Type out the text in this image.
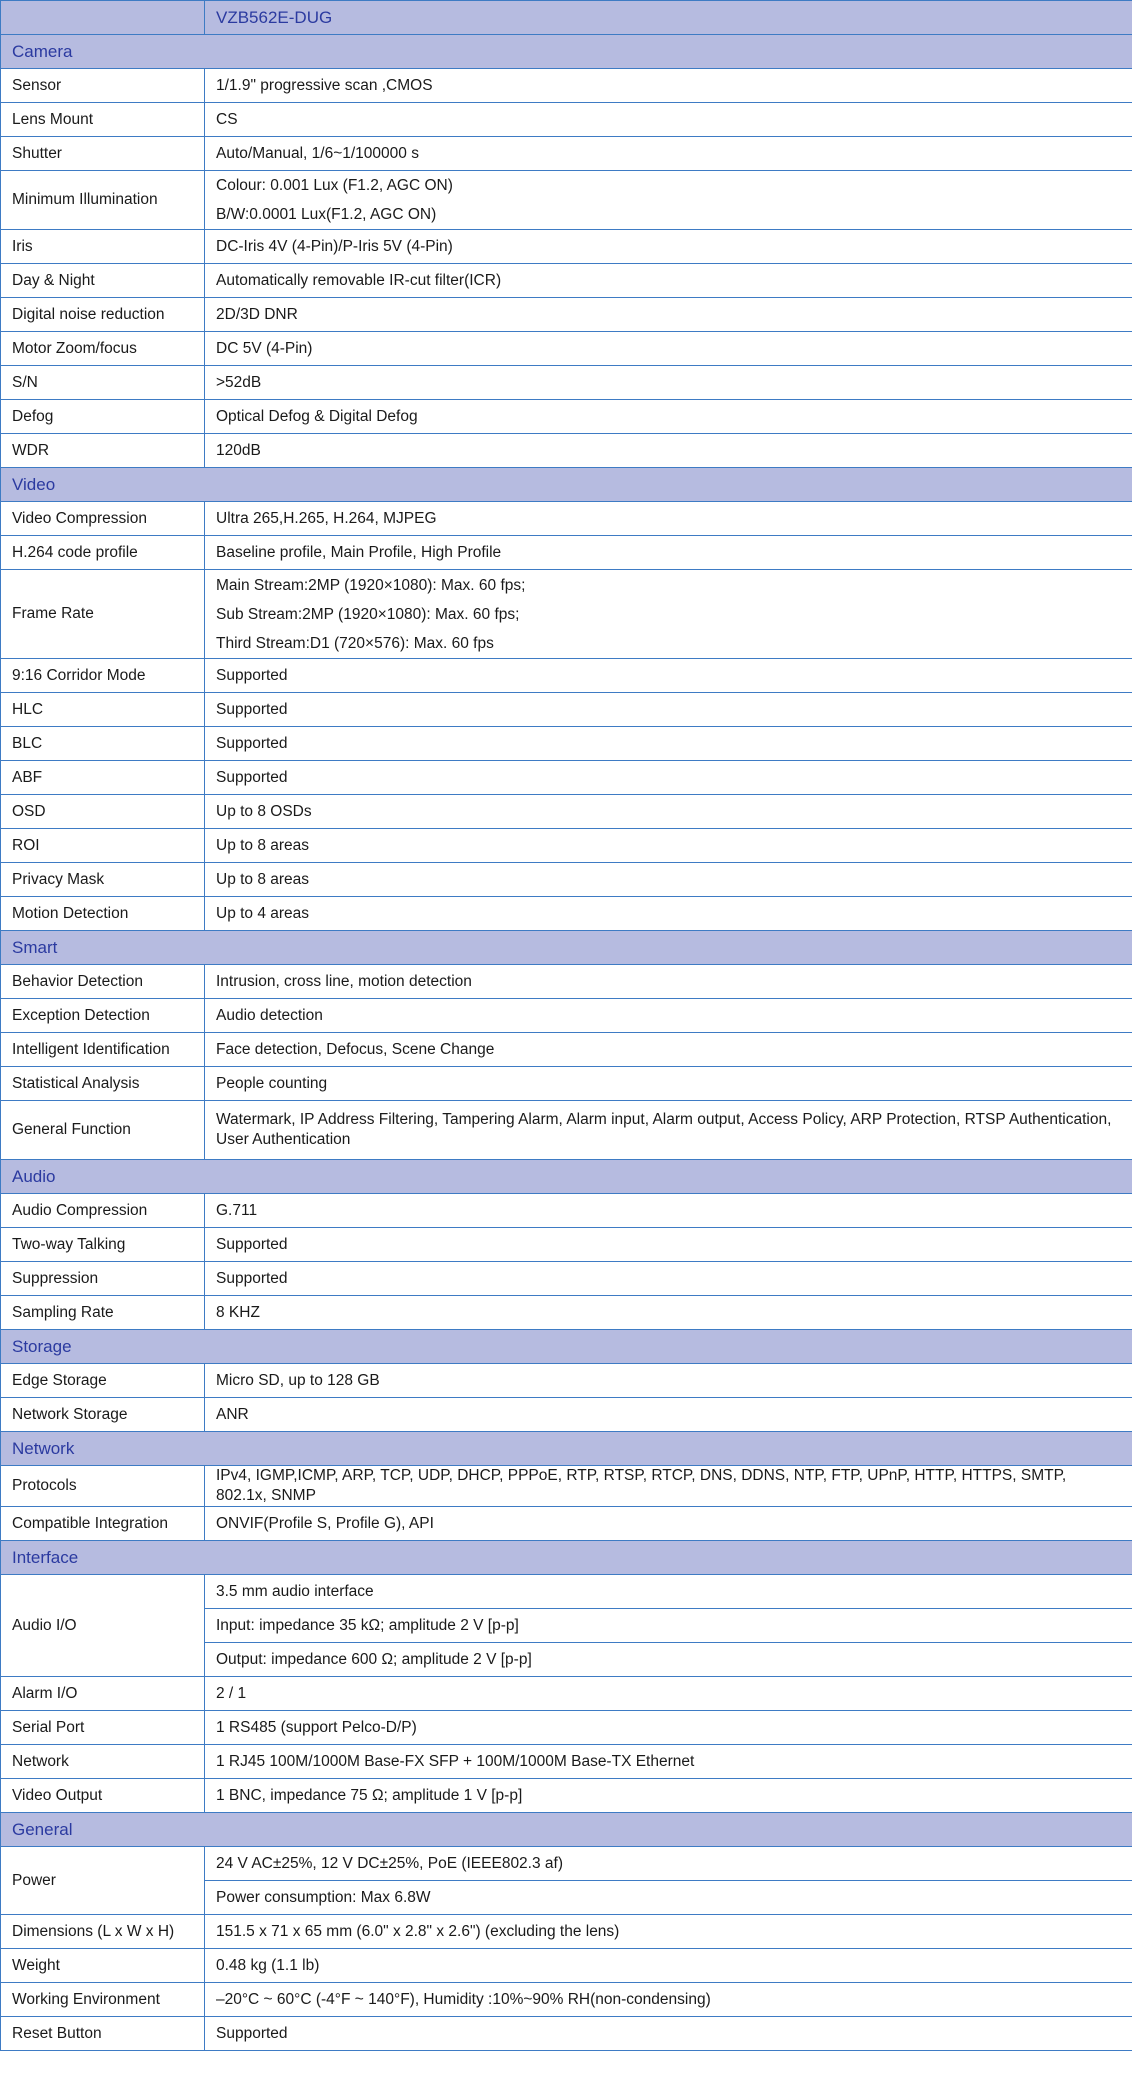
	VZB562E-DUG
Camera	
Sensor	1/1.9" progressive scan ,CMOS
Lens Mount	CS
Shutter	Auto/Manual, 1/6~1/100000 s
Minimum Illumination	Colour: 0.001 Lux (F1.2, AGC ON)
B/W:0.0001 Lux(F1.2, AGC ON)

Iris	DC-Iris 4V (4-Pin)/P-Iris 5V (4-Pin)
Day & Night	Automatically removable IR-cut filter(ICR)
Digital noise reduction	2D/3D DNR
Motor Zoom/focus	DC 5V (4-Pin)
S/N	>52dB
Defog	Optical Defog & Digital Defog
WDR	120dB
Video	
Video Compression	Ultra 265,H.265, H.264, MJPEG
H.264 code profile	Baseline profile, Main Profile, High Profile
Frame Rate	Main Stream:2MP (1920×1080): Max. 60 fps;
Sub Stream:2MP (1920×1080): Max. 60 fps;
Third Stream:D1 (720×576): Max. 60 fps

9:16 Corridor Mode	Supported
HLC	Supported
BLC	Supported
ABF	Supported
OSD	Up to 8 OSDs
ROI	Up to 8 areas
Privacy Mask	Up to 8 areas
Motion Detection	Up to 4 areas
Smart	
Behavior Detection	Intrusion, cross line, motion detection
Exception Detection	Audio detection
Intelligent Identification	Face detection, Defocus, Scene Change
Statistical Analysis	People counting
General Function	Watermark, IP Address Filtering, Tampering Alarm, Alarm input, Alarm output, Access Policy, ARP Protection, RTSP Authentication, User Authentication
Audio	
Audio Compression	G.711
Two-way Talking	Supported
Suppression	Supported
Sampling Rate	8 KHZ
Storage	
Edge Storage	Micro SD, up to 128 GB
Network Storage	ANR
Network	
Protocols	IPv4, IGMP,ICMP, ARP, TCP, UDP, DHCP, PPPoE, RTP, RTSP, RTCP, DNS, DDNS, NTP, FTP, UPnP, HTTP, HTTPS, SMTP, 802.1x, SNMP
Compatible Integration	ONVIF(Profile S, Profile G), API
Interface	
Audio I/O	3.5 mm audio interface
	Input: impedance 35 kΩ; amplitude 2 V [p-p]
	Output: impedance 600 Ω; amplitude 2 V [p-p]
Alarm I/O	2 / 1
Serial Port	1 RS485 (support Pelco-D/P)
Network	1 RJ45 100M/1000M Base-FX SFP + 100M/1000M Base-TX Ethernet
Video Output	1 BNC, impedance 75 Ω; amplitude 1 V [p-p]
General	
Power	24 V AC±25%, 12 V DC±25%, PoE (IEEE802.3 af)
	Power consumption: Max 6.8W
Dimensions (L x W x H)	151.5 x 71 x 65 mm (6.0" x 2.8" x 2.6") (excluding the lens)
Weight	0.48 kg (1.1 lb)
Working Environment	–20°C ~ 60°C (-4°F ~ 140°F), Humidity :10%~90% RH(non-condensing)
Reset Button	Supported
